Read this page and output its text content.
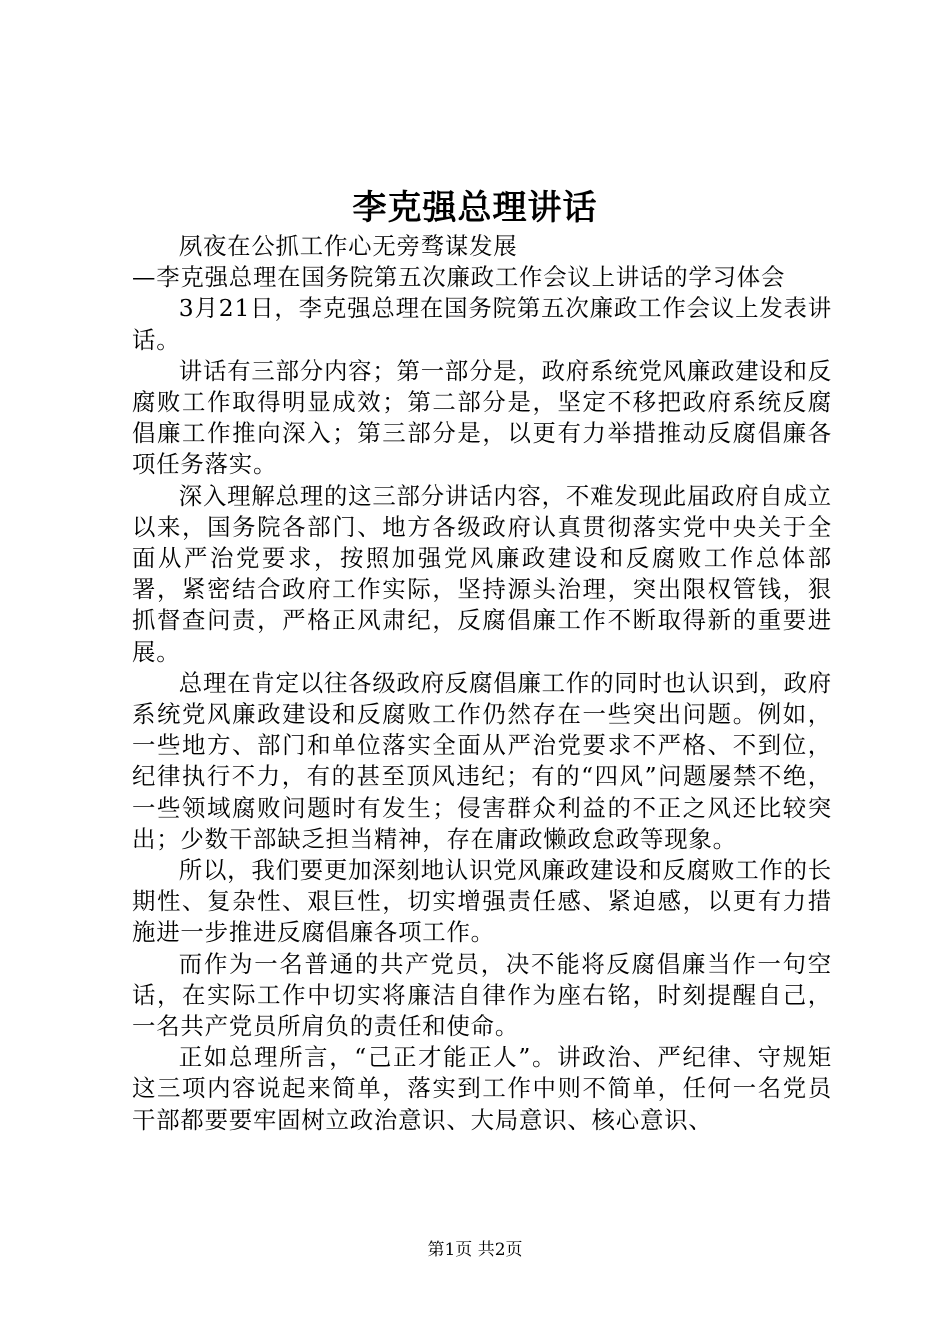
李克强总理讲话

夙夜在公抓工作心无旁骛谋发展

—李克强总理在国务院第五次廉政工作会议上讲话的学习体会

3月21日，李克强总理在国务院第五次廉政工作会议上发表讲话。

讲话有三部分内容；第一部分是，政府系统党风廉政建设和反腐败工作取得明显成效；第二部分是，坚定不移把政府系统反腐倡廉工作推向深入；第三部分是，以更有力举措推动反腐倡廉各项任务落实。

深入理解总理的这三部分讲话内容，不难发现此届政府自成立以来，国务院各部门、地方各级政府认真贯彻落实党中央关于全面从严治党要求，按照加强党风廉政建设和反腐败工作总体部署，紧密结合政府工作实际，坚持源头治理，突出限权管钱，狠抓督查问责，严格正风肃纪，反腐倡廉工作不断取得新的重要进展。

总理在肯定以往各级政府反腐倡廉工作的同时也认识到，政府系统党风廉政建设和反腐败工作仍然存在一些突出问题。例如，一些地方、部门和单位落实全面从严治党要求不严格、不到位，纪律执行不力，有的甚至顶风违纪；有的“四风”问题屡禁不绝，一些领域腐败问题时有发生；侵害群众利益的不正之风还比较突出；少数干部缺乏担当精神，存在庸政懒政怠政等现象。

所以，我们要更加深刻地认识党风廉政建设和反腐败工作的长期性、复杂性、艰巨性，切实增强责任感、紧迫感，以更有力措施进一步推进反腐倡廉各项工作。

而作为一名普通的共产党员，决不能将反腐倡廉当作一句空话，在实际工作中切实将廉洁自律作为座右铭，时刻提醒自己，一名共产党员所肩负的责任和使命。

正如总理所言，“己正才能正人”。讲政治、严纪律、守规矩这三项内容说起来简单，落实到工作中则不简单，任何一名党员干部都要要牢固树立政治意识、大局意识、核心意识、

第1页 共2页
